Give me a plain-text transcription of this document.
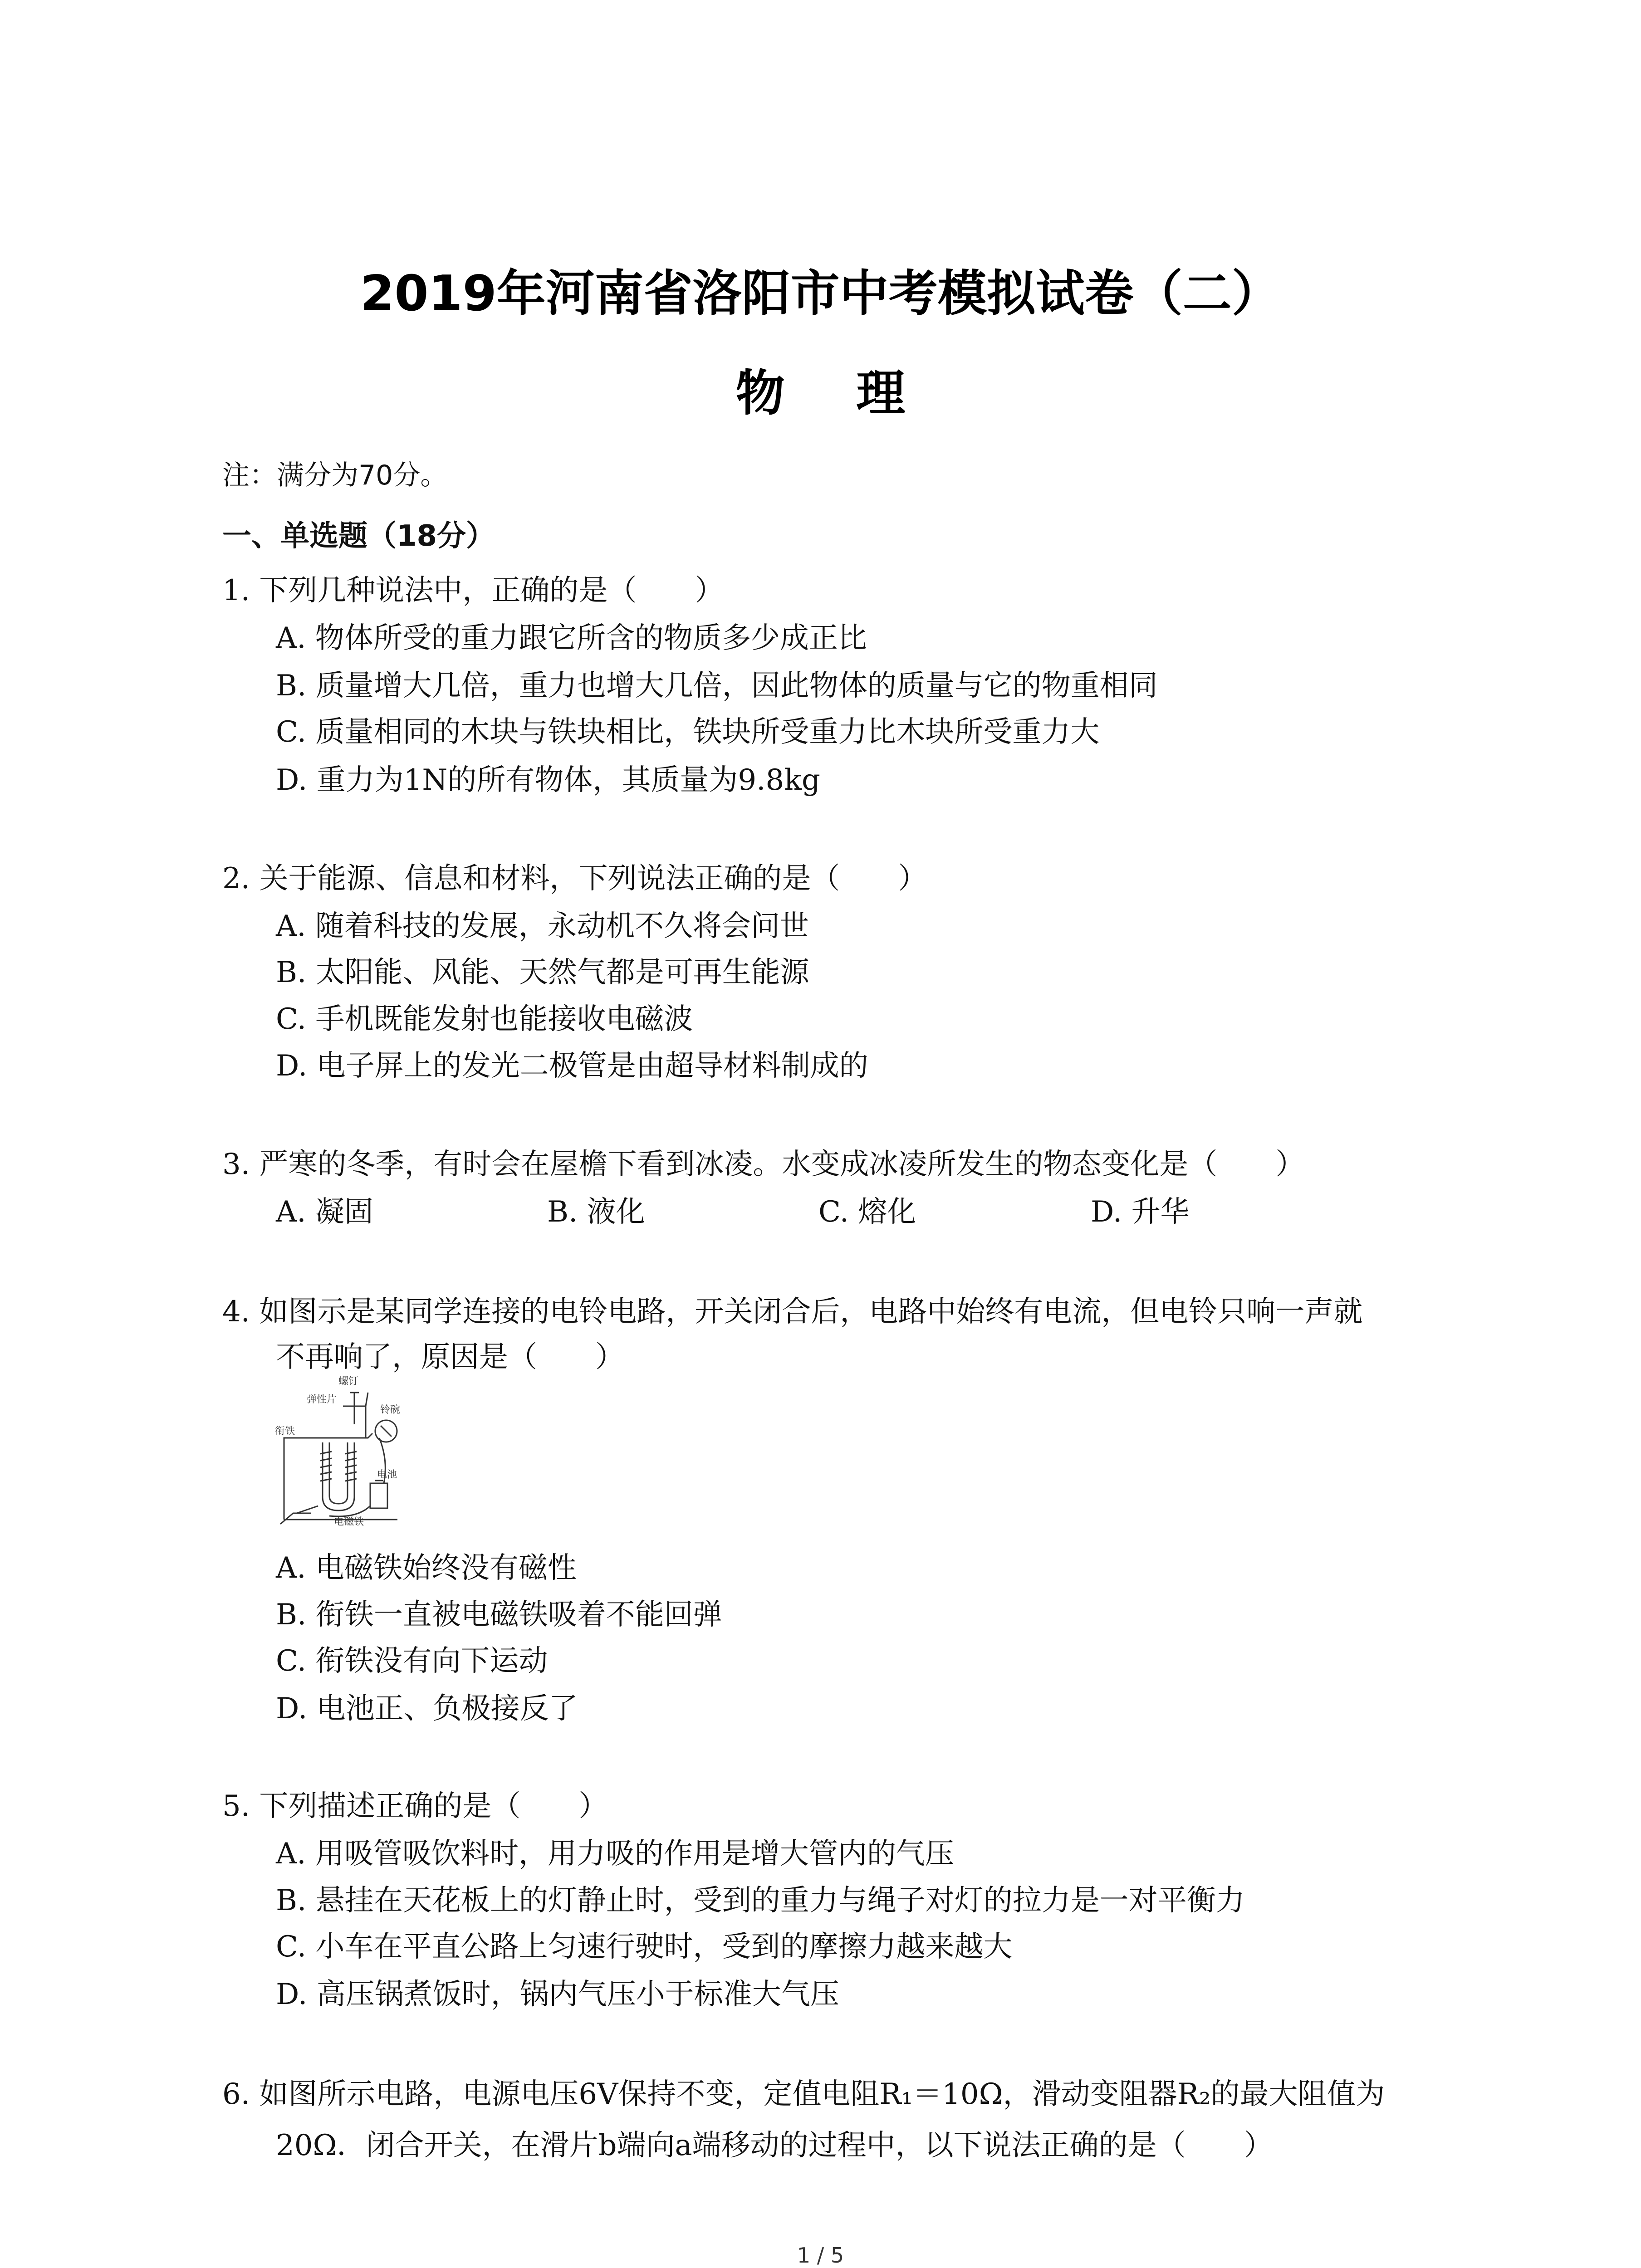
2019年河南省洛阳市中考模拟试卷（二）
物 理
注：满分为70分。
一、单选题（18分）
1. 下列几种说法中，正确的是（　　）
A. 物体所受的重力跟它所含的物质多少成正比
B. 质量增大几倍，重力也增大几倍，因此物体的质量与它的物重相同
C. 质量相同的木块与铁块相比，铁块所受重力比木块所受重力大
D. 重力为1N的所有物体，其质量为9.8kg
2. 关于能源、信息和材料，下列说法正确的是（　　）
A. 随着科技的发展，永动机不久将会问世
B. 太阳能、风能、天然气都是可再生能源
C. 手机既能发射也能接收电磁波
D. 电子屏上的发光二极管是由超导材料制成的
3. 严寒的冬季，有时会在屋檐下看到冰凌。水变成冰凌所发生的物态变化是（　　）
A. 凝固	B. 液化	C. 熔化	D. 升华
4. 如图示是某同学连接的电铃电路，开关闭合后，电路中始终有电流，但电铃只响一声就
不再响了，原因是（　　）
螺钉
弹性片
铃碗
衔铁
电池
电磁铁
A. 电磁铁始终没有磁性
B. 衔铁一直被电磁铁吸着不能回弹
C. 衔铁没有向下运动
D. 电池正、负极接反了
5. 下列描述正确的是（　　）
A. 用吸管吸饮料时，用力吸的作用是增大管内的气压
B. 悬挂在天花板上的灯静止时，受到的重力与绳子对灯的拉力是一对平衡力
C. 小车在平直公路上匀速行驶时，受到的摩擦力越来越大
D. 高压锅煮饭时，锅内气压小于标准大气压
6. 如图所示电路，电源电压6V保持不变，定值电阻R₁＝10Ω，滑动变阻器R₂的最大阻值为
20Ω．闭合开关，在滑片b端向a端移动的过程中，以下说法正确的是（　　）
1 / 5
